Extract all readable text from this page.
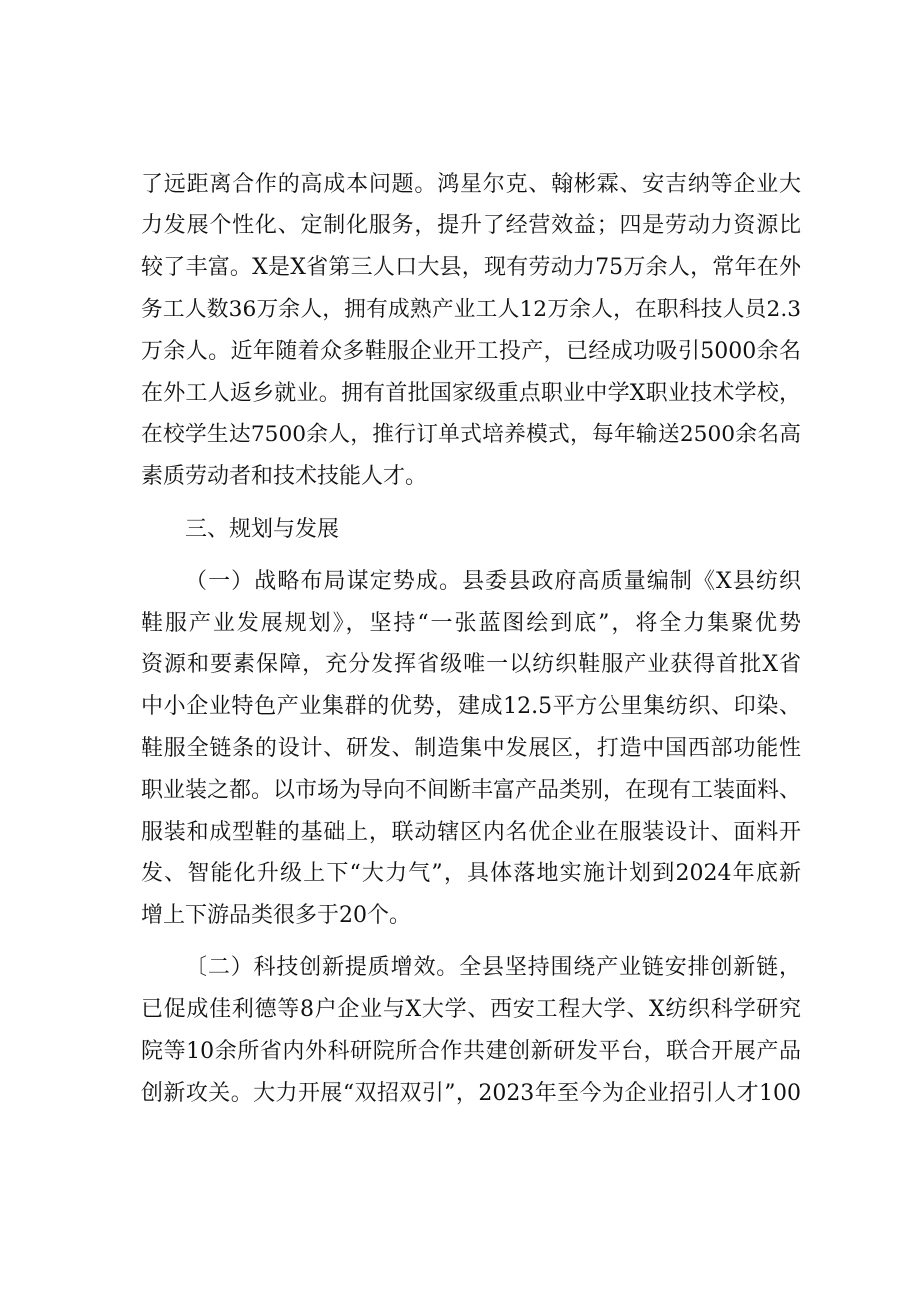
了远距离合作的高成本问题。鸿星尔克、翰彬霖、安吉纳等企业大
力发展个性化、定制化服务，提升了经营效益；四是劳动力资源比
较了丰富。X是X省第三人口大县，现有劳动力75万余人，常年在外
务工人数36万余人，拥有成熟产业工人12万余人，在职科技人员2.3
万余人。近年随着众多鞋服企业开工投产，已经成功吸引5000余名
在外工人返乡就业。拥有首批国家级重点职业中学X职业技术学校，
在校学生达7500余人，推行订单式培养模式，每年输送2500余名高
素质劳动者和技术技能人才。
三、规划与发展
（一）战略布局谋定势成。县委县政府高质量编制《X县纺织
鞋服产业发展规划》，坚持“一张蓝图绘到底”，将全力集聚优势
资源和要素保障，充分发挥省级唯一以纺织鞋服产业获得首批X省
中小企业特色产业集群的优势，建成12.5平方公里集纺织、印染、
鞋服全链条的设计、研发、制造集中发展区，打造中国西部功能性
职业装之都。以市场为导向不间断丰富产品类别，在现有工装面料、
服装和成型鞋的基础上，联动辖区内名优企业在服装设计、面料开
发、智能化升级上下“大力气”，具体落地实施计划到2024年底新
增上下游品类很多于20个。
〔二）科技创新提质增效。全县坚持围绕产业链安排创新链，
已促成佳利德等8户企业与X大学、西安工程大学、X纺织科学研究
院等10余所省内外科研院所合作共建创新研发平台，联合开展产品
创新攻关。大力开展“双招双引”，2023年至今为企业招引人才100
